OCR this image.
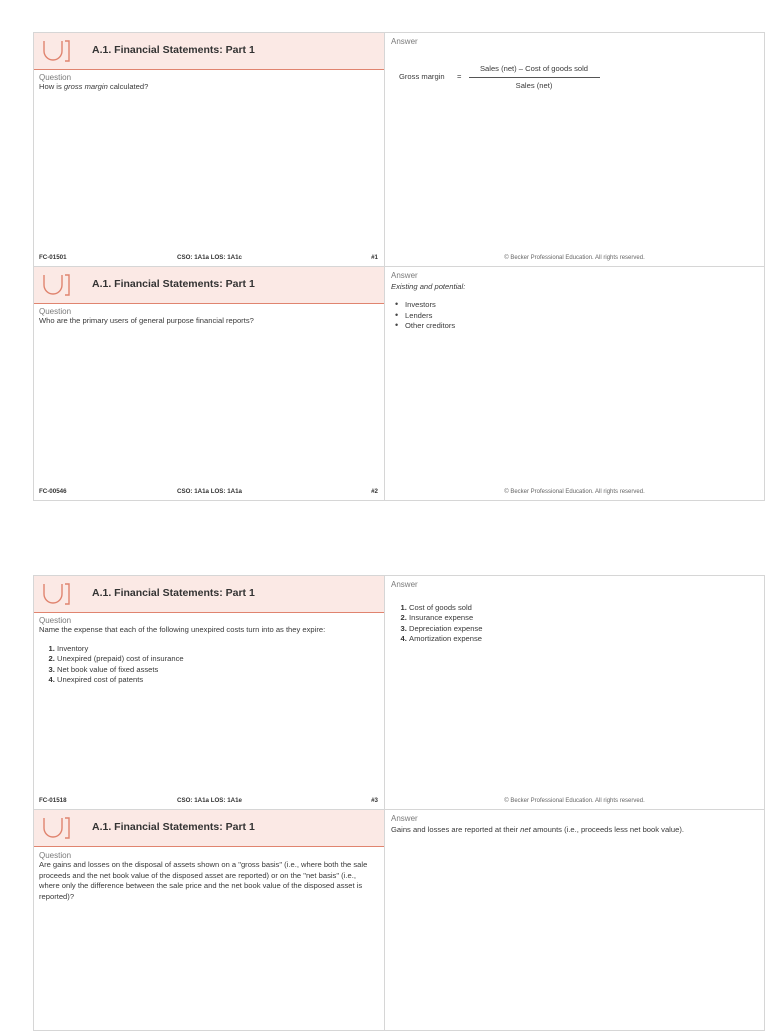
A.1. Financial Statements: Part 1
Question
How is gross margin calculated?
FC-01501	CSO: 1A1a LOS: 1A1c	#1
Answer
Gross margin =
Sales (net) – Cost of goods sold
Sales (net)
© Becker Professional Education. All rights reserved.
A.1. Financial Statements: Part 1
Question
Who are the primary users of general purpose financial reports?
FC-00546	CSO: 1A1a LOS: 1A1a	#2
Answer
Existing and potential:
• Investors
• Lenders
• Other creditors
© Becker Professional Education. All rights reserved.
A.1. Financial Statements: Part 1
Question
Name the expense that each of the following unexpired costs turn into as they expire:
1. Inventory
2. Unexpired (prepaid) cost of insurance
3. Net book value of fixed assets
4. Unexpired cost of patents
FC-01518	CSO: 1A1a LOS: 1A1e	#3
Answer
1. Cost of goods sold
2. Insurance expense
3. Depreciation expense
4. Amortization expense
© Becker Professional Education. All rights reserved.
A.1. Financial Statements: Part 1
Question
Are gains and losses on the disposal of assets shown on a "gross basis" (i.e., where both the sale proceeds and the net book value of the disposed asset are reported) or on the "net basis" (i.e., where only the difference between the sale price and the net book value of the disposed asset is reported)?
Answer
Gains and losses are reported at their net amounts (i.e., proceeds less net book value).
